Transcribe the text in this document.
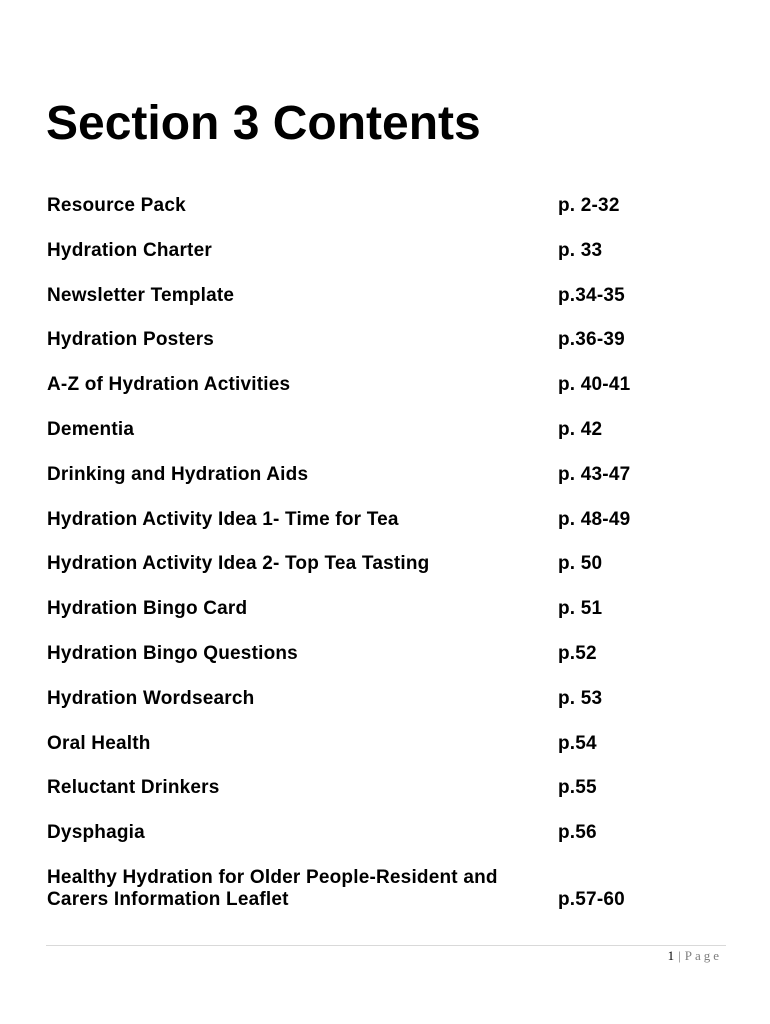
Section 3 Contents
Resource Pack	p. 2-32
Hydration Charter	p. 33
Newsletter Template	p.34-35
Hydration Posters	p.36-39
A-Z of Hydration Activities	p. 40-41
Dementia	p. 42
Drinking and Hydration Aids	p. 43-47
Hydration Activity Idea 1- Time for Tea	p. 48-49
Hydration Activity Idea 2- Top Tea Tasting	p. 50
Hydration Bingo Card	p. 51
Hydration Bingo Questions	p.52
Hydration Wordsearch	p. 53
Oral Health	p.54
Reluctant Drinkers	p.55
Dysphagia	p.56
Healthy Hydration for Older People-Resident and
Carers Information Leaflet	p.57-60
1 | Page
